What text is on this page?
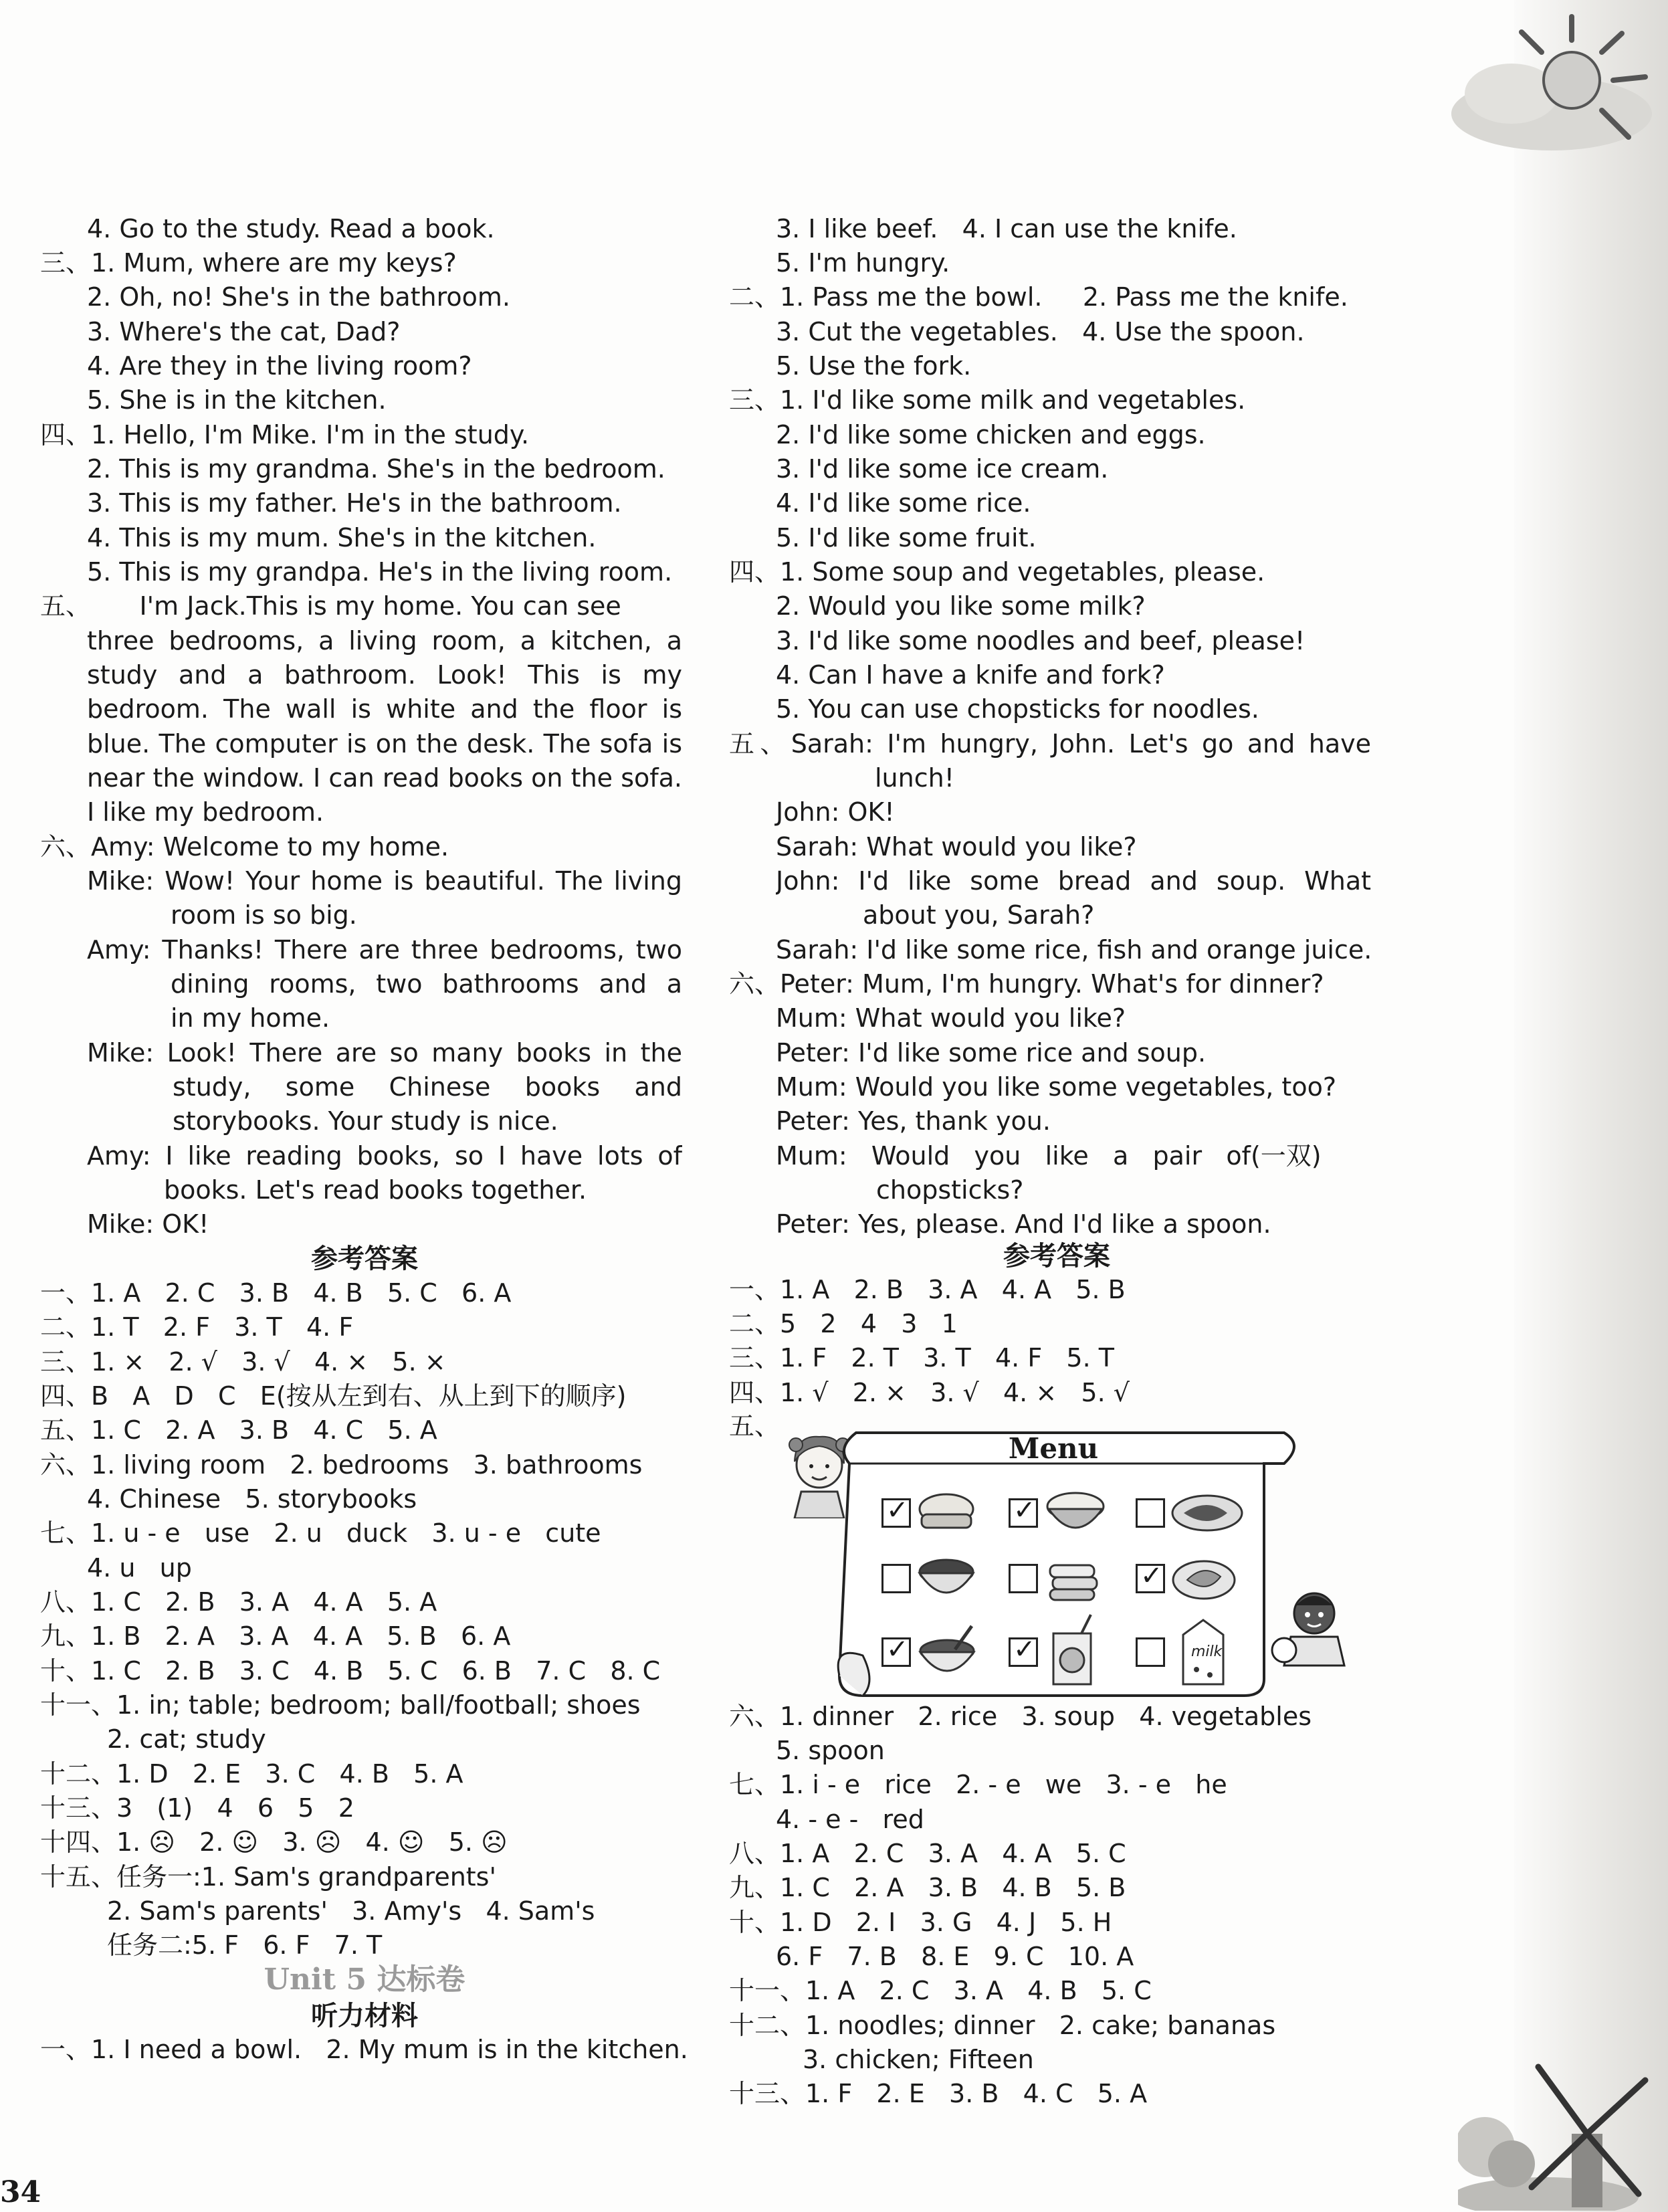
4. Go to the study. Read a book.
三、1. Mum, where are my keys?
2. Oh, no! She's in the bathroom.
3. Where's the cat, Dad?
4. Are they in the living room?
5. She is in the kitchen.
四、1. Hello, I'm Mike. I'm in the study.
2. This is my grandma. She's in the bedroom.
3. This is my father. He's in the bathroom.
4. This is my mum. She's in the kitchen.
5. This is my grandpa. He's in the living room.
五、      I'm Jack.This is my home. You can see
three bedrooms, a living room, a kitchen, a
study and a bathroom. Look! This is my
bedroom. The wall is white and the floor is
blue. The computer is on the desk. The sofa is
near the window. I can read books on the sofa.
I like my bedroom.
六、Amy: Welcome to my home.
Mike: Wow! Your home is beautiful. The living
room is so big.
Amy: Thanks! There are three bedrooms, two
dining rooms, two bathrooms and a
in my home.
Mike: Look! There are so many books in the
study, some Chinese books and
storybooks. Your study is nice.
Amy: I like reading books, so I have lots of
books. Let's read books together.
Mike: OK!
参考答案
一、1. A   2. C   3. B   4. B   5. C   6. A
二、1. T   2. F   3. T   4. F
三、1. ×   2. √   3. √   4. ×   5. ×
四、B   A   D   C   E(按从左到右、从上到下的顺序)
五、1. C   2. A   3. B   4. C   5. A
六、1. living room   2. bedrooms   3. bathrooms
4. Chinese   5. storybooks
七、1. u - e   use   2. u   duck   3. u - e   cute
4. u   up
八、1. C   2. B   3. A   4. A   5. A
九、1. B   2. A   3. A   4. A   5. B   6. A
十、1. C   2. B   3. C   4. B   5. C   6. B   7. C   8. C
十一、1. in; table; bedroom; ball/football; shoes
2. cat; study
十二、1. D   2. E   3. C   4. B   5. A
十三、3   (1)   4   6   5   2
十四、1. ☹   2. ☺   3. ☹   4. ☺   5. ☹
十五、任务一:1. Sam's grandparents'
2. Sam's parents'   3. Amy's   4. Sam's
任务二:5. F   6. F   7. T
Unit 5 达标卷
听力材料
一、1. I need a bowl.   2. My mum is in the kitchen.
34
3. I like beef.   4. I can use the knife.
5. I'm hungry.
二、1. Pass me the bowl.     2. Pass me the knife.
3. Cut the vegetables.   4. Use the spoon.
5. Use the fork.
三、1. I'd like some milk and vegetables.
2. I'd like some chicken and eggs.
3. I'd like some ice cream.
4. I'd like some rice.
5. I'd like some fruit.
四、1. Some soup and vegetables, please.
2. Would you like some milk?
3. I'd like some noodles and beef, please!
4. Can I have a knife and fork?
5. You can use chopsticks for noodles.
五、Sarah: I'm hungry, John. Let's go and have
lunch!
John: OK!
Sarah: What would you like?
John: I'd like some bread and soup. What
about you, Sarah?
Sarah: I'd like some rice, fish and orange juice.
六、Peter: Mum, I'm hungry. What's for dinner?
Mum: What would you like?
Peter: I'd like some rice and soup.
Mum: Would you like some vegetables, too?
Peter: Yes, thank you.
Mum:   Would   you   like   a   pair   of(一双)
chopsticks?
Peter: Yes, please. And I'd like a spoon.
参考答案
一、1. A   2. B   3. A   4. A   5. B
二、5   2   4   3   1
三、1. F   2. T   3. T   4. F   5. T
四、1. √   2. ×   3. √   4. ×   5. √
五、
六、1. dinner   2. rice   3. soup   4. vegetables
5. spoon
七、1. i - e   rice   2. - e   we   3. - e   he
4. - e -   red
八、1. A   2. C   3. A   4. A   5. C
九、1. C   2. A   3. B   4. B   5. B
十、1. D   2. I   3. G   4. J   5. H
6. F   7. B   8. E   9. C   10. A
十一、1. A   2. C   3. A   4. B   5. C
十二、1. noodles; dinner   2. cake; bananas
3. chicken; Fifteen
十三、1. F   2. E   3. B   4. C   5. A
Menu
✓	✓
✓
✓	✓	milk
